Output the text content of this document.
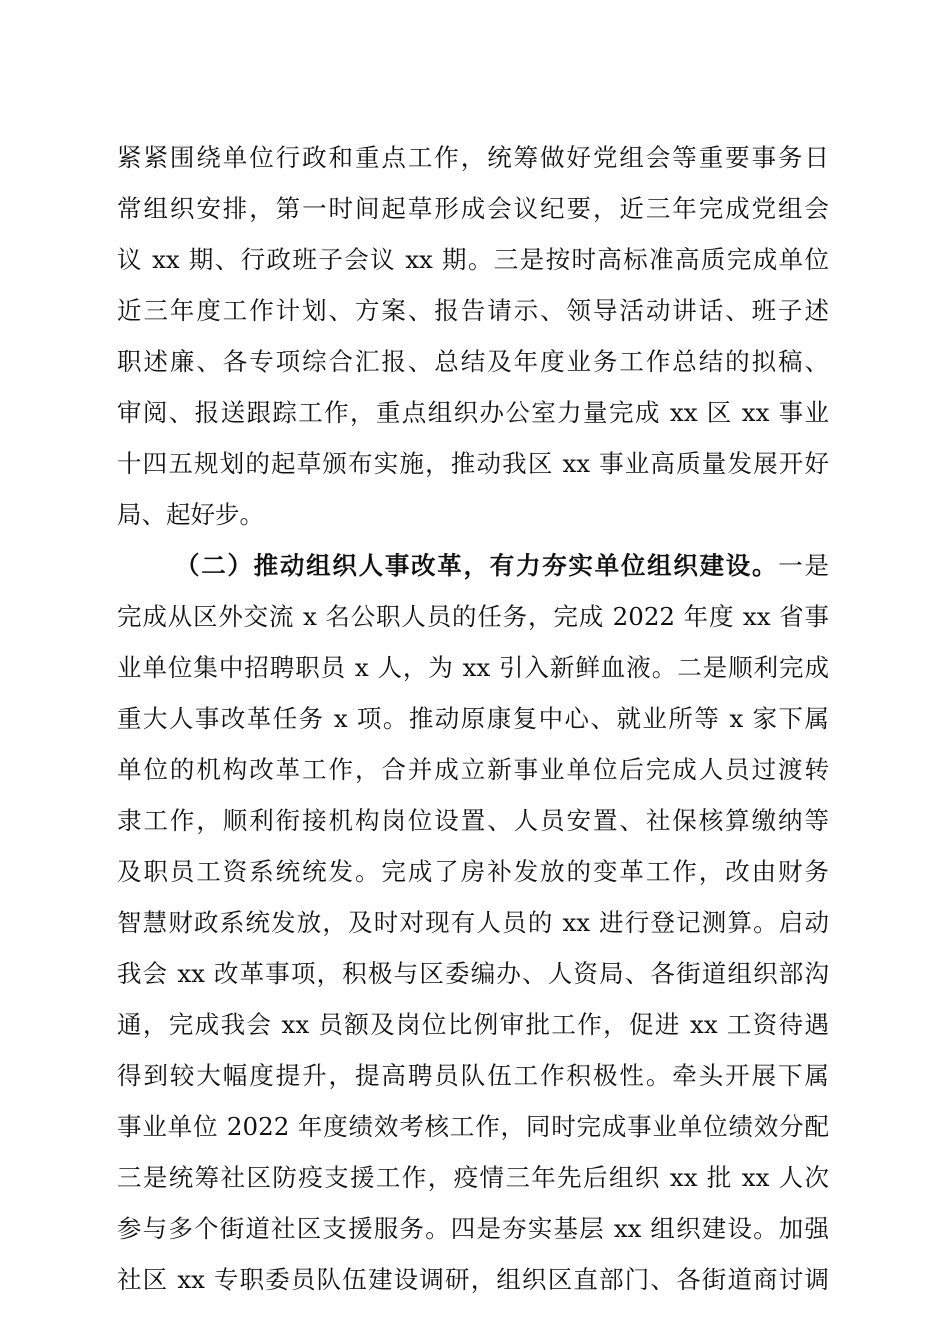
紧紧围绕单位行政和重点工作，统筹做好党组会等重要事务日
常组织安排，第一时间起草形成会议纪要，近三年完成党组会
议 xx 期、行政班子会议 xx 期。三是按时高标准高质完成单位
近三年度工作计划、方案、报告请示、领导活动讲话、班子述
职述廉、各专项综合汇报、总结及年度业务工作总结的拟稿、
审阅、报送跟踪工作，重点组织办公室力量完成 xx 区 xx 事业
十四五规划的起草颁布实施，推动我区 xx 事业高质量发展开好
局、起好步。
（二）推动组织人事改革，有力夯实单位组织建设。一是
完成从区外交流 x 名公职人员的任务，完成 2022 年度 xx 省事
业单位集中招聘职员 x 人，为 xx 引入新鲜血液。二是顺利完成
重大人事改革任务 x 项。推动原康复中心、就业所等 x 家下属
单位的机构改革工作，合并成立新事业单位后完成人员过渡转
隶工作，顺利衔接机构岗位设置、人员安置、社保核算缴纳等
及职员工资系统统发。完成了房补发放的变革工作，改由财务
智慧财政系统发放，及时对现有人员的 xx 进行登记测算。启动
我会 xx 改革事项，积极与区委编办、人资局、各街道组织部沟
通，完成我会 xx 员额及岗位比例审批工作，促进 xx 工资待遇
得到较大幅度提升，提高聘员队伍工作积极性。牵头开展下属
事业单位 2022 年度绩效考核工作，同时完成事业单位绩效分配
三是统筹社区防疫支援工作，疫情三年先后组织 xx 批 xx 人次
参与多个街道社区支援服务。四是夯实基层 xx 组织建设。加强
社区 xx 专职委员队伍建设调研，组织区直部门、各街道商讨调
